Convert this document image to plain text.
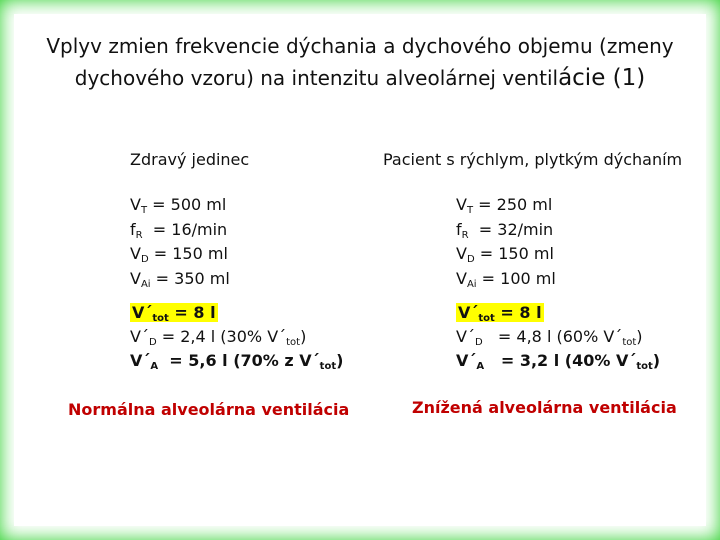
Vplyv zmien frekvencie dýchania a dychového objemu (zmeny
dychového vzoru) na intenzitu alveolárnej ventilácie (1)
Zdravý jedinec
$V_T = 500$ ml
$f_R = 16/\min$
$V_D = 150$ ml
$V_{Ai} = 350$ ml
$V´_{tot} = 8$ l
$V´_D = 2,4$ l (30% $V´_{tot}$)
$V´_A = 5,6$ l (70% z $V´_{tot}$)
Pacient s rýchlym, plytkým dýchaním
$V_T = 250$ ml
$f_R = 32/\min$
$V_D = 150$ ml
$V_{Ai} = 100$ ml
$V´_{tot} = 8$ l
$V´_D = 4,8$ l (60% $V´_{tot}$)
$V´_A = 3,2$ l (40% $V´_{tot}$)
Normálna alveolárna ventilácia	Znížená alveolárna ventilácia
